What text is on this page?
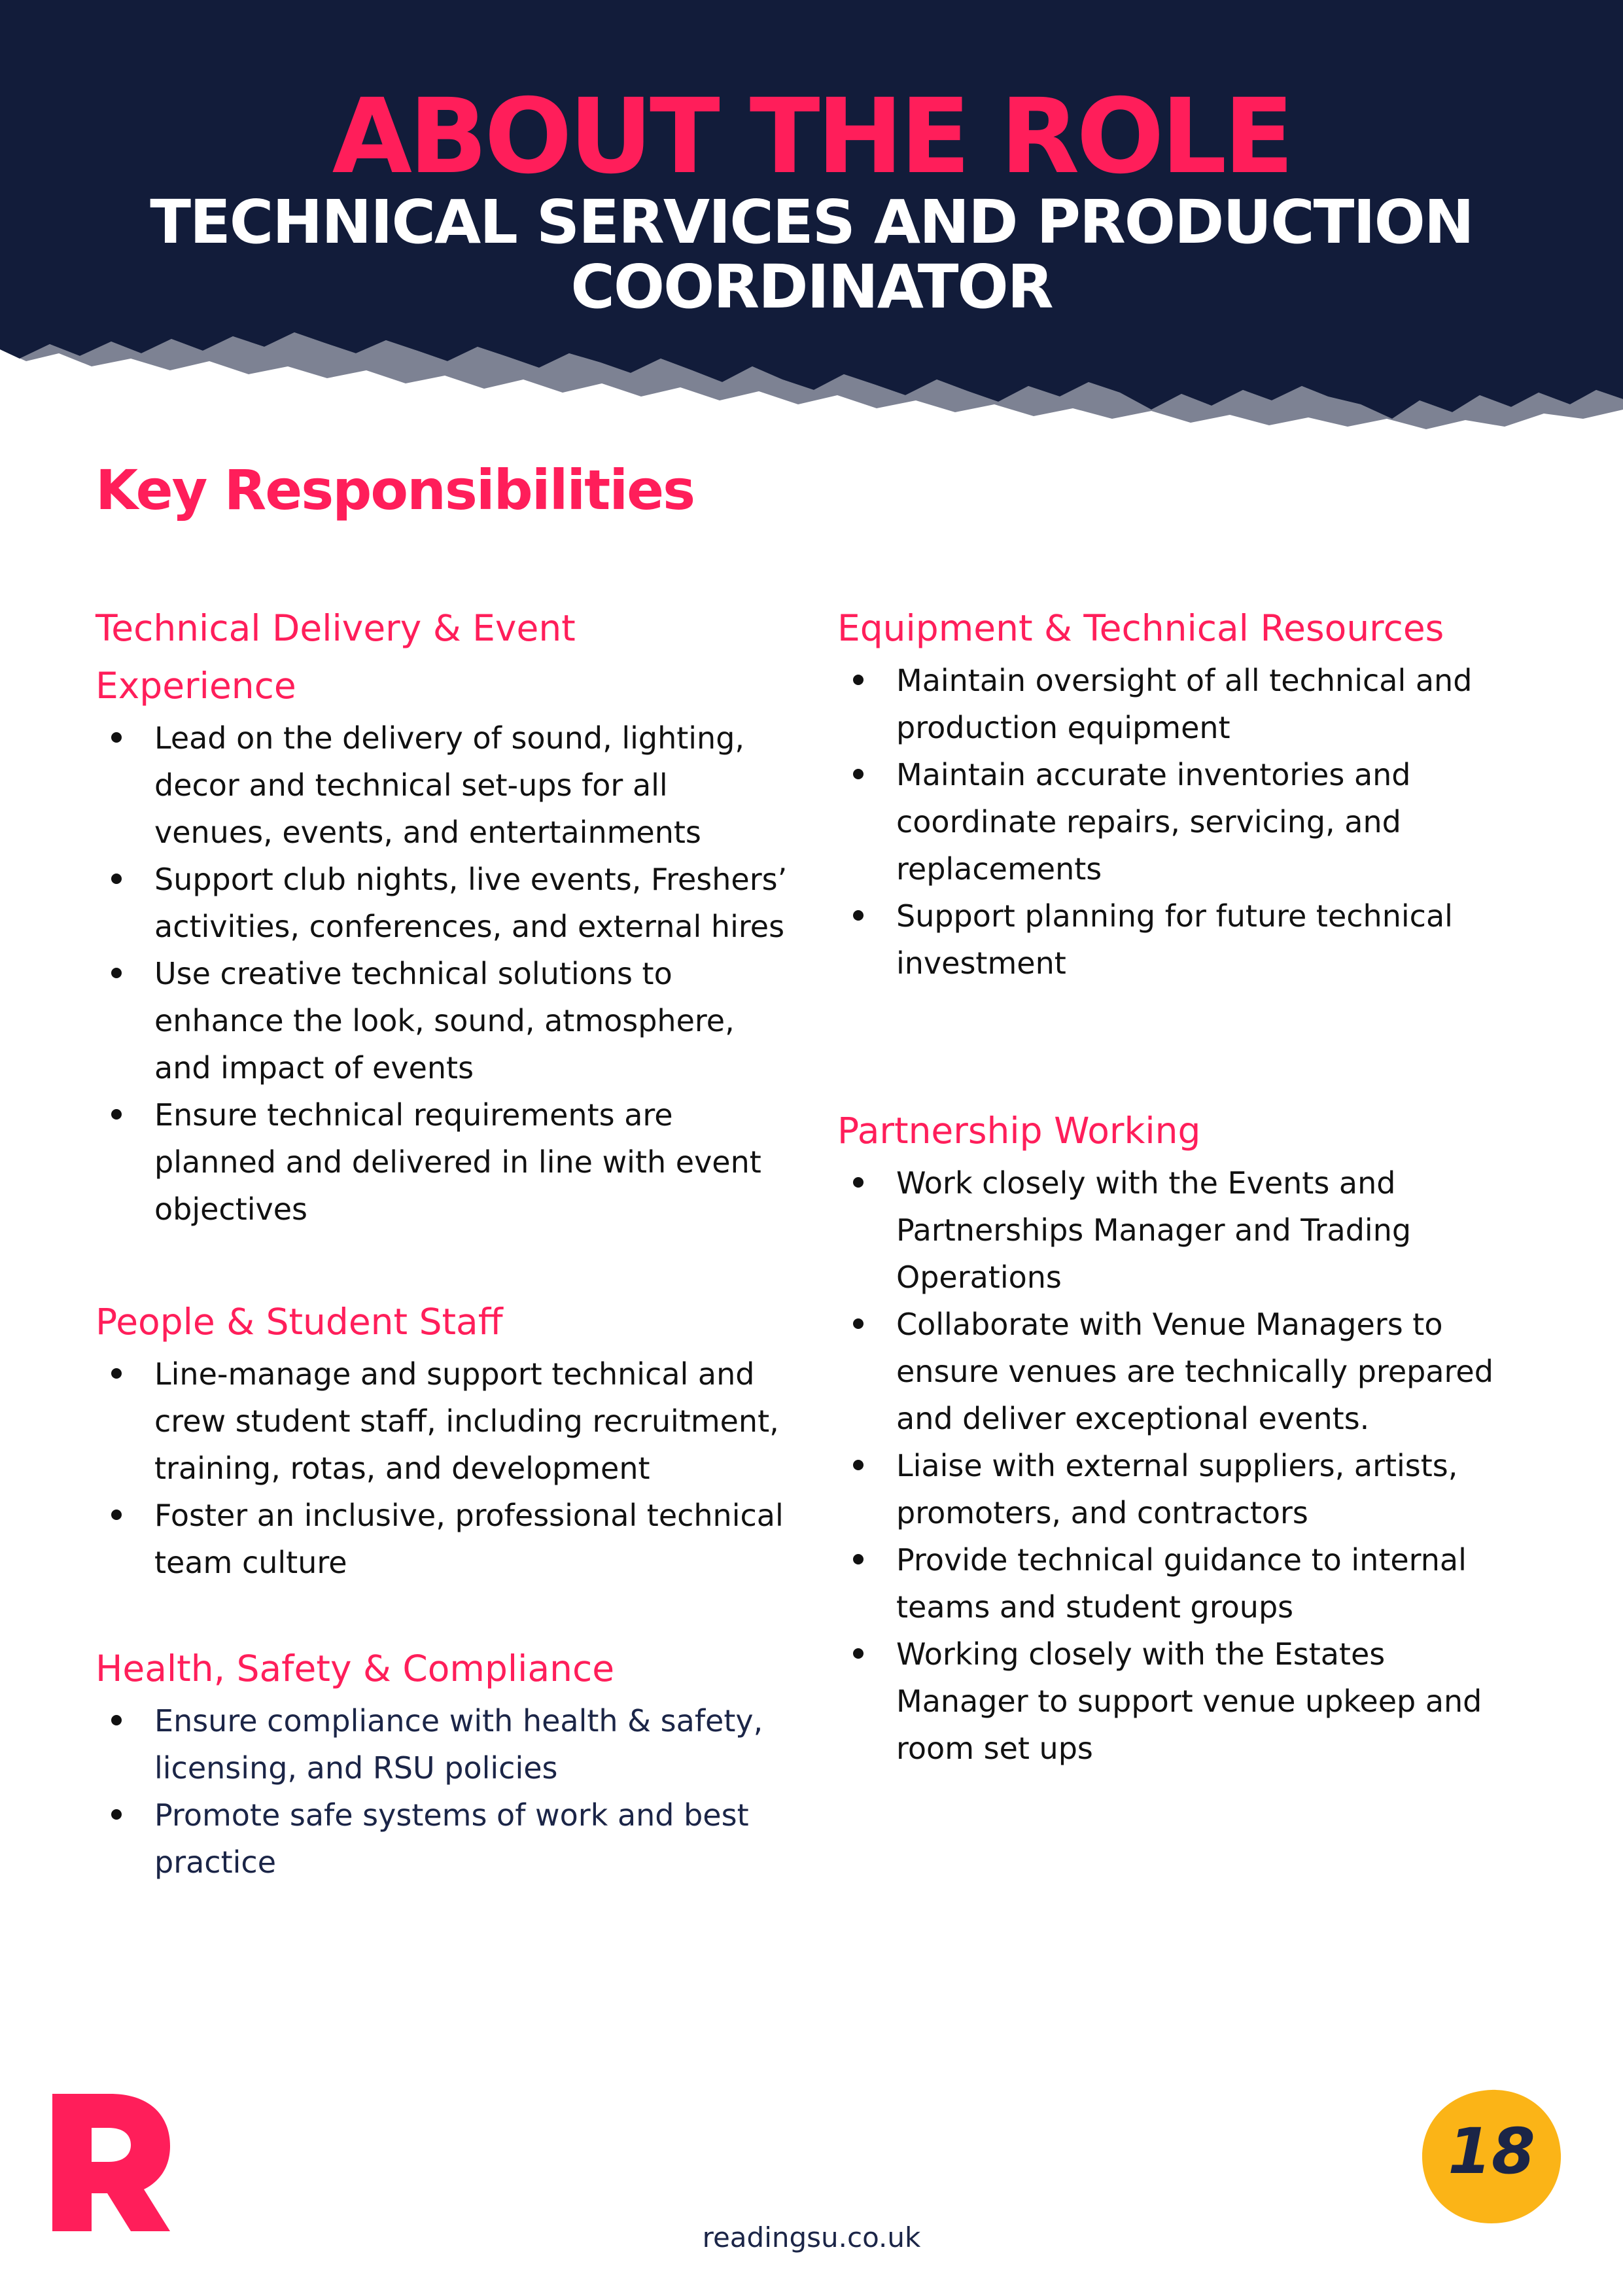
ABOUT THE ROLE
TECHNICAL SERVICES AND PRODUCTION
COORDINATOR
Key Responsibilities
Technical Delivery & Event
Experience
Lead on the delivery of sound, lighting, decor and technical set-ups for all venues, events, and entertainments
Support club nights, live events, Freshers’ activities, conferences, and external hires
Use creative technical solutions to enhance the look, sound, atmosphere, and impact of events
Ensure technical requirements are planned and delivered in line with event objectives
People & Student Staff
Line-manage and support technical and crew student staff, including recruitment, training, rotas, and development
Foster an inclusive, professional technical team culture
Health, Safety & Compliance
Ensure compliance with health & safety, licensing, and RSU policies
Promote safe systems of work and best practice
Equipment & Technical Resources
Maintain oversight of all technical and production equipment
Maintain accurate inventories and coordinate repairs, servicing, and replacements
Support planning for future technical investment
Partnership Working
Work closely with the Events and Partnerships Manager and Trading Operations
Collaborate with Venue Managers to ensure venues are technically prepared and deliver exceptional events.
Liaise with external suppliers, artists, promoters, and contractors
Provide technical guidance to internal teams and student groups
Working closely with the Estates Manager to support venue upkeep and room set ups
readingsu.co.uk
18
